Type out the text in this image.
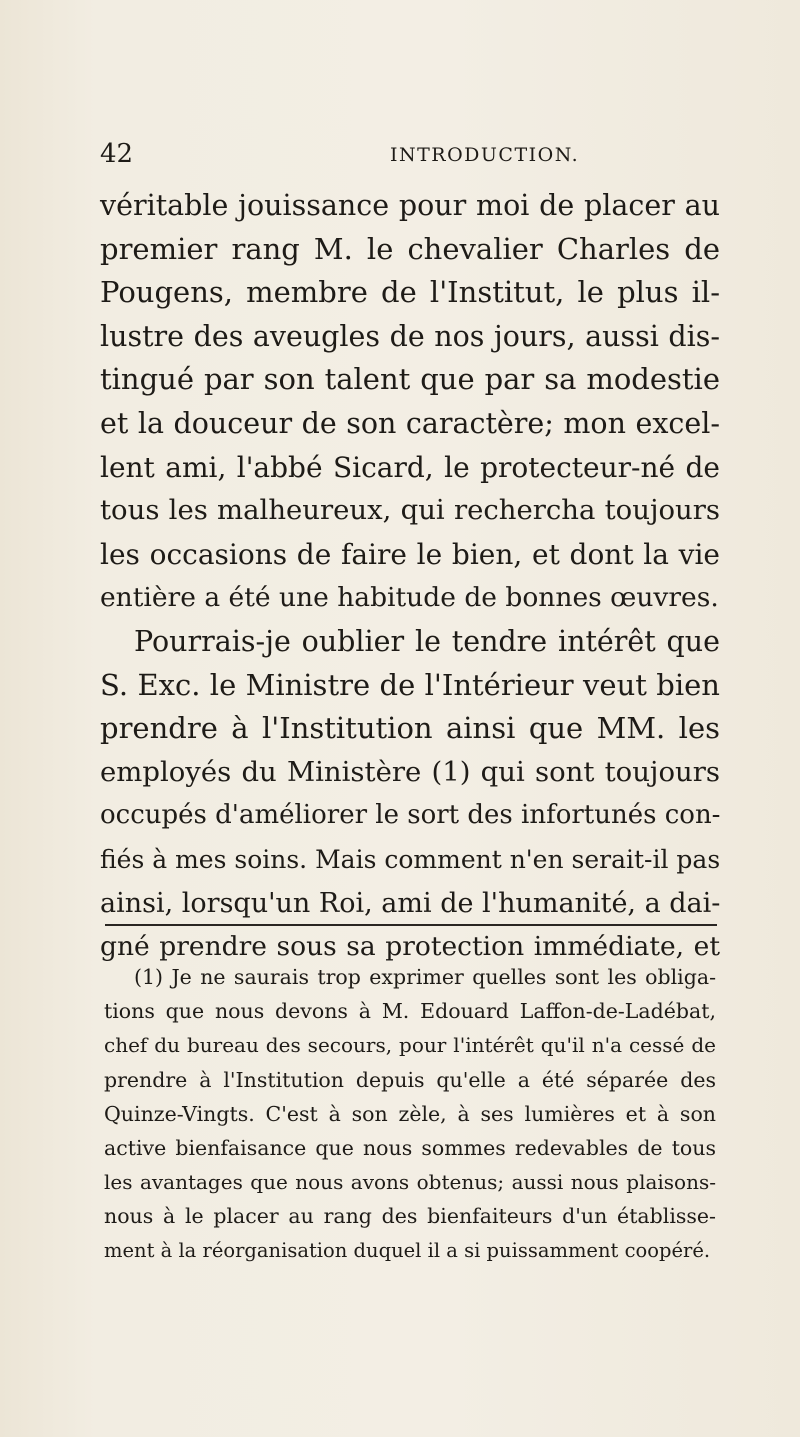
42	INTRODUCTION.
véritable jouissance pour moi de placer au
premier rang M. le chevalier Charles de
Pougens, membre de l'Institut, le plus il-
lustre des aveugles de nos jours, aussi dis-
tingué par son talent que par sa modestie
et la douceur de son caractère; mon excel-
lent ami, l'abbé Sicard, le protecteur-né de
tous les malheureux, qui rechercha toujours
les occasions de faire le bien, et dont la vie
entière a été une habitude de bonnes œuvres.
Pourrais-je oublier le tendre intérêt que
S. Exc. le Ministre de l'Intérieur veut bien
prendre à l'Institution ainsi que MM. les
employés du Ministère (1) qui sont toujours
occupés d'améliorer le sort des infortunés con-
fiés à mes soins. Mais comment n'en serait-il pas
ainsi, lorsqu'un Roi, ami de l'humanité, a dai-
gné prendre sous sa protection immédiate, et
(1) Je ne saurais trop exprimer quelles sont les obliga-
tions que nous devons à M. Edouard Laffon-de-Ladébat,
chef du bureau des secours, pour l'intérêt qu'il n'a cessé de
prendre à l'Institution depuis qu'elle a été séparée des
Quinze-Vingts. C'est à son zèle, à ses lumières et à son
active bienfaisance que nous sommes redevables de tous
les avantages que nous avons obtenus; aussi nous plaisons-
nous à le placer au rang des bienfaiteurs d'un établisse-
ment à la réorganisation duquel il a si puissamment coopéré.
